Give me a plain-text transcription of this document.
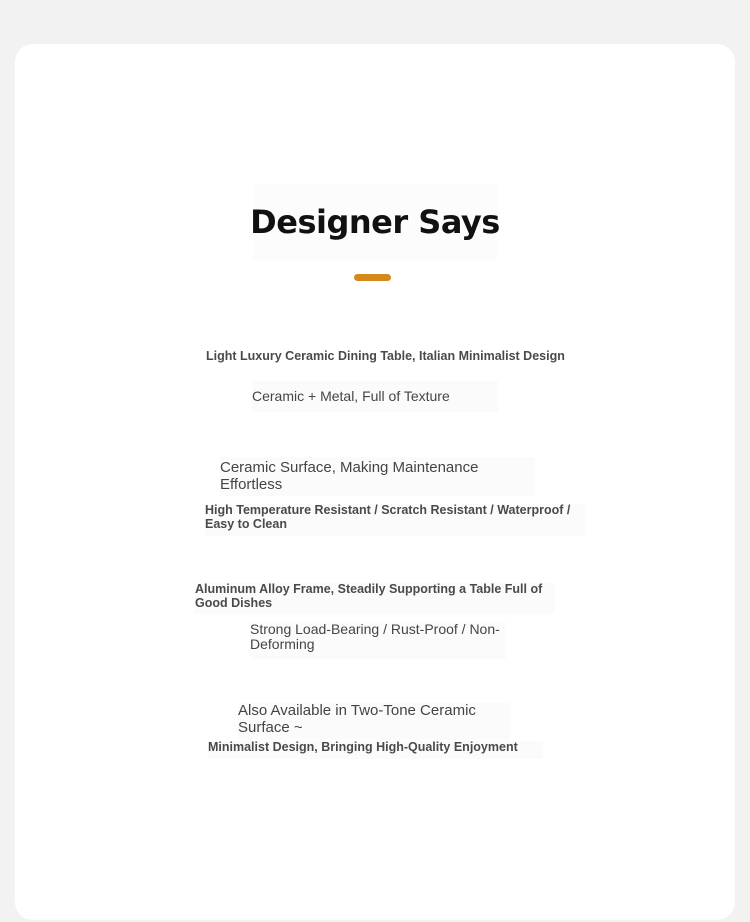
Designer Says
Light Luxury Ceramic Dining Table, Italian Minimalist Design
Ceramic + Metal, Full of Texture
Ceramic Surface, Making Maintenance Effortless
High Temperature Resistant / Scratch Resistant / Waterproof / Easy to Clean
Aluminum Alloy Frame, Steadily Supporting a Table Full of Good Dishes
Strong Load-Bearing / Rust-Proof / Non-Deforming
Also Available in Two-Tone Ceramic Surface ~
Minimalist Design, Bringing High-Quality Enjoyment
